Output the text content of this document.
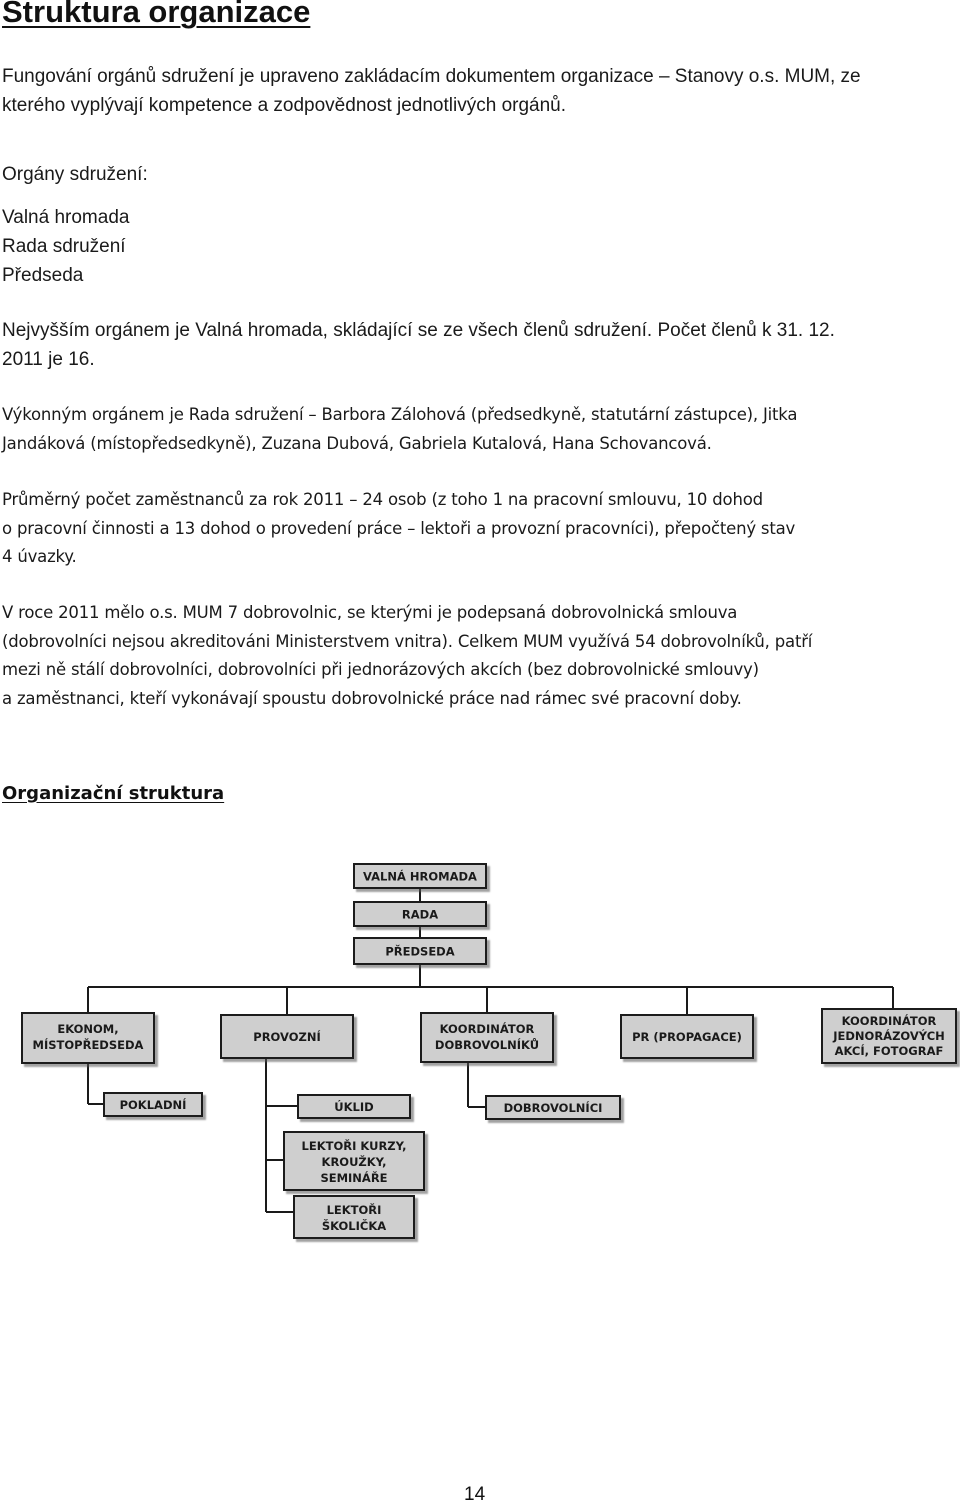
Struktura organizace

Fungování orgánů sdružení je upraveno zakládacím dokumentem organizace – Stanovy o.s. MUM, ze
kterého vyplývají kompetence a zodpovědnost jednotlivých orgánů.

Orgány sdružení:

Valná hromada
Rada sdružení
Předseda

Nejvyšším orgánem je Valná hromada, skládající se ze všech členů sdružení. Počet členů k 31. 12.
2011 je 16.

Výkonným orgánem je Rada sdružení – Barbora Zálohová (předsedkyně, statutární zástupce), Jitka
Jandáková (místopředsedkyně), Zuzana Dubová, Gabriela Kutalová, Hana Schovancová.

Průměrný počet zaměstnanců za rok 2011 – 24 osob (z toho 1 na pracovní smlouvu, 10 dohod
o pracovní činnosti a 13 dohod o provedení práce – lektoři a provozní pracovníci), přepočtený stav
4 úvazky.

V roce 2011 mělo o.s. MUM 7 dobrovolnic, se kterými je podepsaná dobrovolnická smlouva
(dobrovolníci nejsou akreditováni Ministerstvem vnitra). Celkem MUM využívá 54 dobrovolníků, patří
mezi ně stálí dobrovolníci, dobrovolníci při jednorázových akcích (bez dobrovolnické smlouvy)
a zaměstnanci, kteří vykonávají spoustu dobrovolnické práce nad rámec své pracovní doby.

Organizační struktura
VALNÁ HROMADA
RADA
PŘEDSEDA
EKONOM,
MÍSTOPŘEDSEDA
PROVOZNÍ
KOORDINÁTOR
DOBROVOLNÍKŮ
PR (PROPAGACE)
KOORDINÁTOR
JEDNORÁZOVÝCH
AKCÍ, FOTOGRAF
POKLADNÍ	ÚKLID
LEKTOŘI KURZY,
KROUŽKY,
SEMINÁŘE
LEKTOŘI
ŠKOLIČKA
DOBROVOLNÍCI
14
